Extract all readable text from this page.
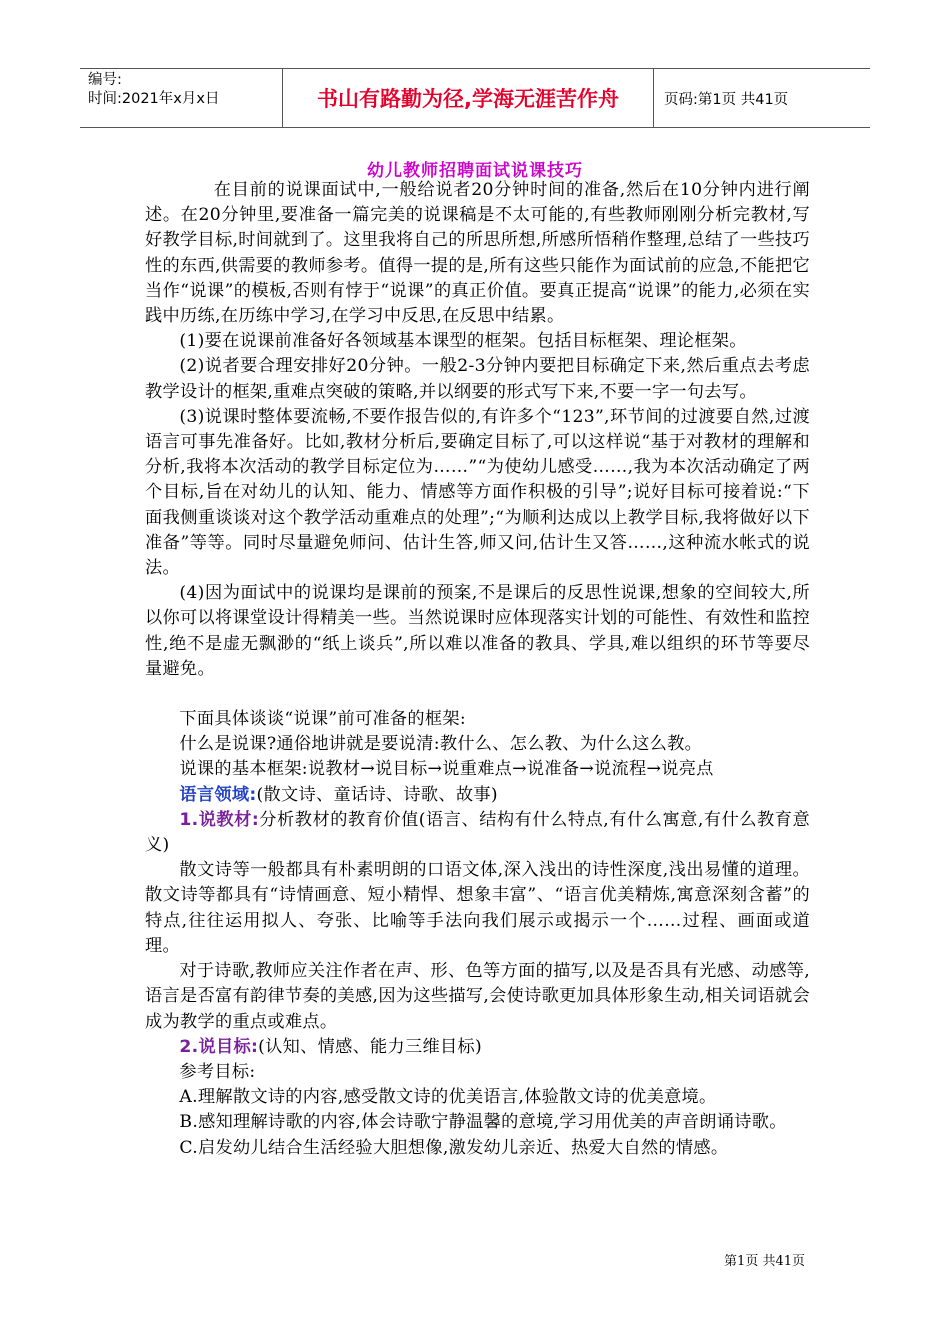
编号:
时间:2021年x月x日	书山有路勤为径,学海无涯苦作舟	页码:第1页 共41页
幼儿教师招聘面试说课技巧

在目前的说课面试中,一般给说者20分钟时间的准备,然后在10分钟内进行阐述。在20分钟里,要准备一篇完美的说课稿是不太可能的,有些教师刚刚分析完教材,写好教学目标,时间就到了。这里我将自己的所思所想,所感所悟稍作整理,总结了一些技巧性的东西,供需要的教师参考。值得一提的是,所有这些只能作为面试前的应急,不能把它当作“说课”的模板,否则有悖于“说课”的真正价值。要真正提高“说课”的能力,必须在实践中历练,在历练中学习,在学习中反思,在反思中结累。

(1)要在说课前准备好各领域基本课型的框架。包括目标框架、理论框架。

(2)说者要合理安排好20分钟。一般2-3分钟内要把目标确定下来,然后重点去考虑教学设计的框架,重难点突破的策略,并以纲要的形式写下来,不要一字一句去写。

(3)说课时整体要流畅,不要作报告似的,有许多个“123”,环节间的过渡要自然,过渡语言可事先准备好。比如,教材分析后,要确定目标了,可以这样说“基于对教材的理解和分析,我将本次活动的教学目标定位为……”“为使幼儿感受……,我为本次活动确定了两个目标,旨在对幼儿的认知、能力、情感等方面作积极的引导”;说好目标可接着说:“下面我侧重谈谈对这个教学活动重难点的处理”;“为顺利达成以上教学目标,我将做好以下准备”等等。同时尽量避免师问、估计生答,师又问,估计生又答……,这种流水帐式的说法。

(4)因为面试中的说课均是课前的预案,不是课后的反思性说课,想象的空间较大,所以你可以将课堂设计得精美一些。当然说课时应体现落实计划的可能性、有效性和监控性,绝不是虚无飘渺的“纸上谈兵”,所以难以准备的教具、学具,难以组织的环节等要尽量避免。

下面具体谈谈“说课”前可准备的框架:

什么是说课?通俗地讲就是要说清:教什么、怎么教、为什么这么教。

说课的基本框架:说教材→说目标→说重难点→说准备→说流程→说亮点

语言领域:(散文诗、童话诗、诗歌、故事)

1.说教材:分析教材的教育价值(语言、结构有什么特点,有什么寓意,有什么教育意义)

散文诗等一般都具有朴素明朗的口语文体,深入浅出的诗性深度,浅出易懂的道理。散文诗等都具有“诗情画意、短小精悍、想象丰富”、“语言优美精炼,寓意深刻含蓄”的特点,往往运用拟人、夸张、比喻等手法向我们展示或揭示一个……过程、画面或道理。

对于诗歌,教师应关注作者在声、形、色等方面的描写,以及是否具有光感、动感等,语言是否富有韵律节奏的美感,因为这些描写,会使诗歌更加具体形象生动,相关词语就会成为教学的重点或难点。

2.说目标:(认知、情感、能力三维目标)

参考目标:

A.理解散文诗的内容,感受散文诗的优美语言,体验散文诗的优美意境。

B.感知理解诗歌的内容,体会诗歌宁静温馨的意境,学习用优美的声音朗诵诗歌。

C.启发幼儿结合生活经验大胆想像,激发幼儿亲近、热爱大自然的情感。

第1页 共41页
